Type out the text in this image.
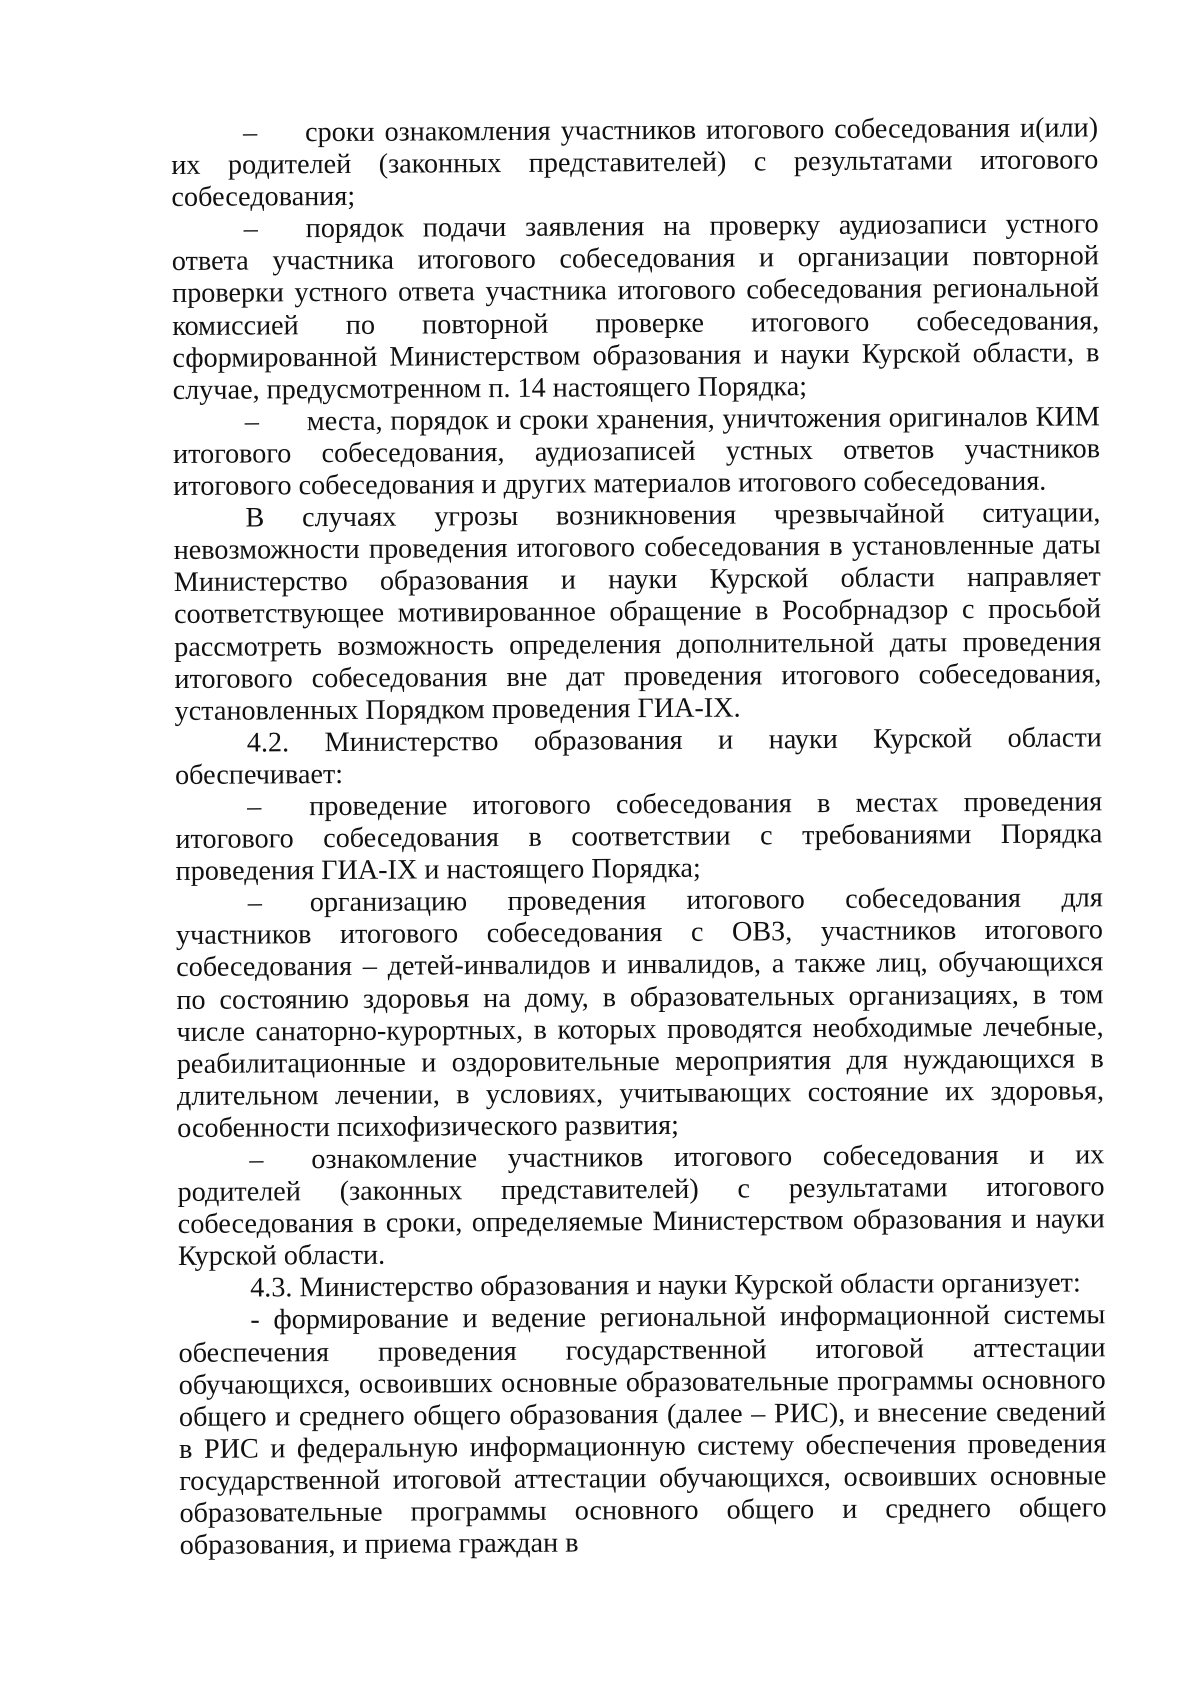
– сроки ознакомления участников итогового собеседования и(или) их родителей (законных представителей) с результатами итогового собеседования;

– порядок подачи заявления на проверку аудиозаписи устного ответа участника итогового собеседования и организации повторной проверки устного ответа участника итогового собеседования региональной комиссией по повторной проверке итогового собеседования, сформированной Министерством образования и науки Курской области, в случае, предусмотренном п. 14 настоящего Порядка;

– места, порядок и сроки хранения, уничтожения оригиналов КИМ итогового собеседования, аудиозаписей устных ответов участников итогового собеседования и других материалов итогового собеседования.

В случаях угрозы возникновения чрезвычайной ситуации, невозможности проведения итогового собеседования в установленные даты Министерство образования и науки Курской области направляет соответствующее мотивированное обращение в Рособрнадзор с просьбой рассмотреть возможность определения дополнительной даты проведения итогового собеседования вне дат проведения итогового собеседования, установленных Порядком проведения ГИА-IX.

4.2. Министерство образования и науки Курской области обеспечивает:

– проведение итогового собеседования в местах проведения итогового собеседования в соответствии с требованиями Порядка проведения ГИА-IX и настоящего Порядка;

– организацию проведения итогового собеседования для участников итогового собеседования с ОВЗ, участников итогового собеседования – детей-инвалидов и инвалидов, а также лиц, обучающихся по состоянию здоровья на дому, в образовательных организациях, в том числе санаторно-курортных, в которых проводятся необходимые лечебные, реабилитационные и оздоровительные мероприятия для нуждающихся в длительном лечении, в условиях, учитывающих состояние их здоровья, особенности психофизического развития;

– ознакомление участников итогового собеседования и их родителей (законных представителей) с результатами итогового собеседования в сроки, определяемые Министерством образования и науки Курской области.

4.3. Министерство образования и науки Курской области организует:

- формирование и ведение региональной информационной системы обеспечения проведения государственной итоговой аттестации обучающихся, освоивших основные образовательные программы основного общего и среднего общего образования (далее – РИС), и внесение сведений в РИС и федеральную информационную систему обеспечения проведения государственной итоговой аттестации обучающихся, освоивших основные образовательные программы основного общего и среднего общего образования, и приема граждан в
